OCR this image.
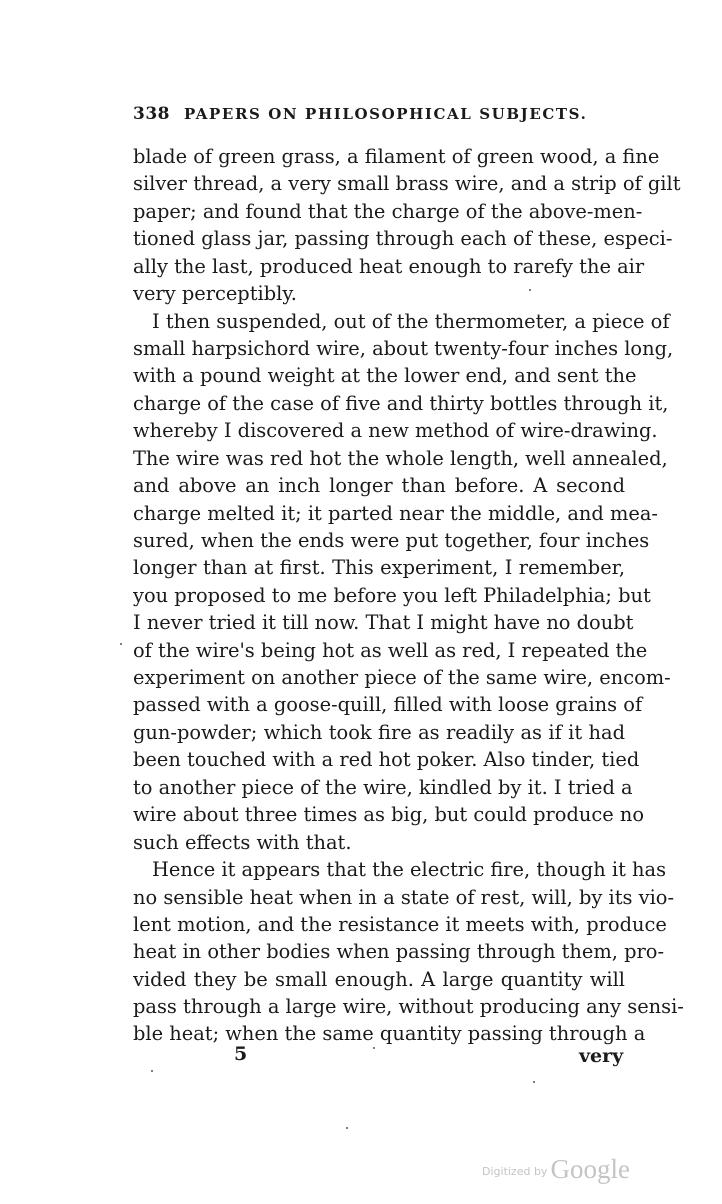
338 PAPERS ON PHILOSOPHICAL SUBJECTS.
blade of green grass, a filament of green wood, a fine
silver thread, a very small brass wire, and a strip of gilt
paper; and found that the charge of the above-men-
tioned glass jar, passing through each of these, especi-
ally the last, produced heat enough to rarefy the air
very perceptibly.
I then suspended, out of the thermometer, a piece of
small harpsichord wire, about twenty-four inches long,
with a pound weight at the lower end, and sent the
charge of the case of five and thirty bottles through it,
whereby I discovered a new method of wire-drawing.
The wire was red hot the whole length, well annealed,
and above an inch longer than before. A second
charge melted it; it parted near the middle, and mea-
sured, when the ends were put together, four inches
longer than at first. This experiment, I remember,
you proposed to me before you left Philadelphia; but
I never tried it till now. That I might have no doubt
of the wire's being hot as well as red, I repeated the
experiment on another piece of the same wire, encom-
passed with a goose-quill, filled with loose grains of
gun-powder; which took fire as readily as if it had
been touched with a red hot poker. Also tinder, tied
to another piece of the wire, kindled by it. I tried a
wire about three times as big, but could produce no
such effects with that.
Hence it appears that the electric fire, though it has
no sensible heat when in a state of rest, will, by its vio-
lent motion, and the resistance it meets with, produce
heat in other bodies when passing through them, pro-
vided they be small enough. A large quantity will
pass through a large wire, without producing any sensi-
ble heat; when the same quantity passing through a
5	very
Digitized by Google
